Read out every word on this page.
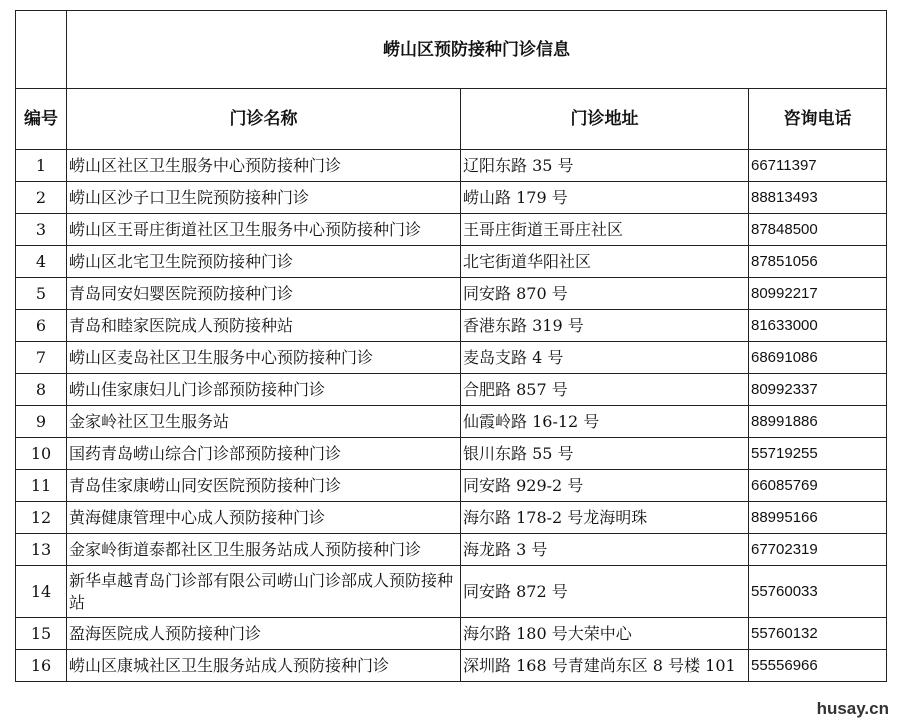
	崂山区预防接种门诊信息		
编号	门诊名称	门诊地址	咨询电话
1	崂山区社区卫生服务中心预防接种门诊	辽阳东路 35 号	66711397
2	崂山区沙子口卫生院预防接种门诊	崂山路 179 号	88813493
3	崂山区王哥庄街道社区卫生服务中心预防接种门诊	王哥庄街道王哥庄社区	87848500
4	崂山区北宅卫生院预防接种门诊	北宅街道华阳社区	87851056
5	青岛同安妇婴医院预防接种门诊	同安路 870 号	80992217
6	青岛和睦家医院成人预防接种站	香港东路 319 号	81633000
7	崂山区麦岛社区卫生服务中心预防接种门诊	麦岛支路 4 号	68691086
8	崂山佳家康妇儿门诊部预防接种门诊	合肥路 857 号	80992337
9	金家岭社区卫生服务站	仙霞岭路 16-12 号	88991886
10	国药青岛崂山综合门诊部预防接种门诊	银川东路 55 号	55719255
11	青岛佳家康崂山同安医院预防接种门诊	同安路 929-2 号	66085769
12	黄海健康管理中心成人预防接种门诊	海尔路 178-2 号龙海明珠	88995166
13	金家岭街道泰都社区卫生服务站成人预防接种门诊	海龙路 3 号	67702319
14	新华卓越青岛门诊部有限公司崂山门诊部成人预防接种站	同安路 872 号	55760033
15	盈海医院成人预防接种门诊	海尔路 180 号大荣中心	55760132
16	崂山区康城社区卫生服务站成人预防接种门诊	深圳路 168 号青建尚东区 8 号楼 101	55556966
husay.cn
